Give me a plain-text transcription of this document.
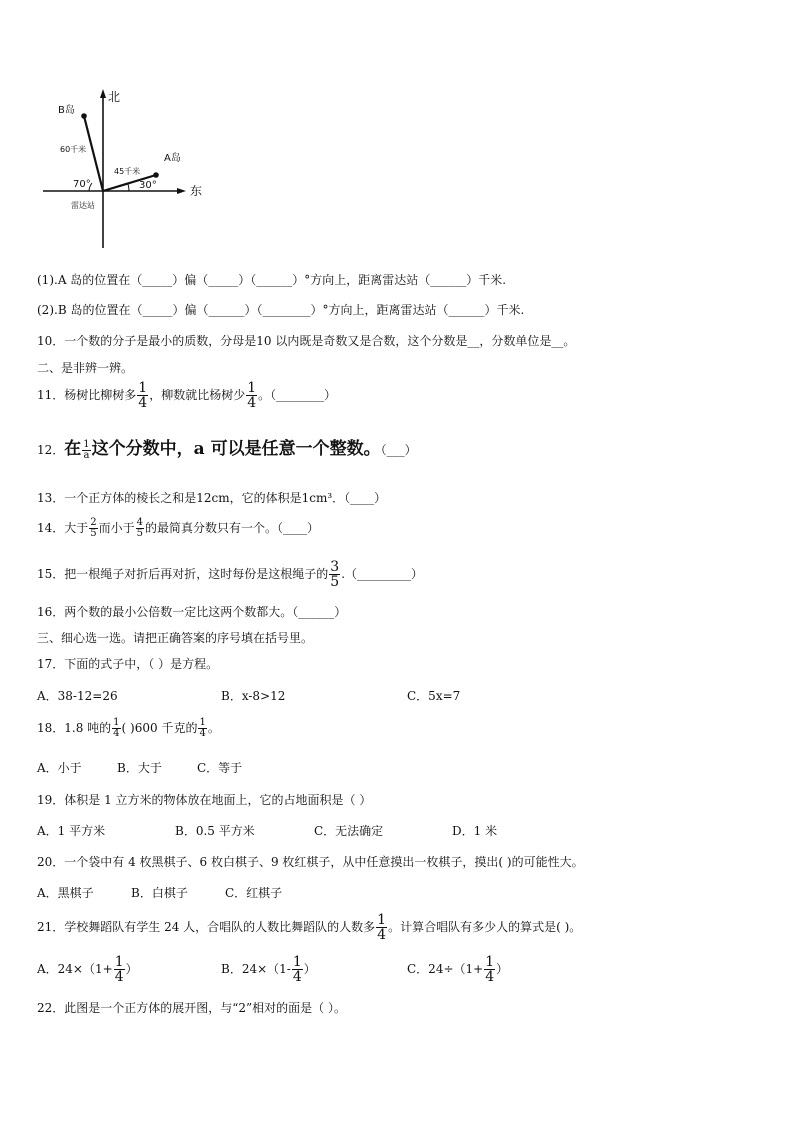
北
东
B岛
A岛
60千米
45千米
70°	30°
雷达站
(1).A 岛的位置在（_____）偏（_____）（______）°方向上，距离雷达站（______）千米.
(2).B 岛的位置在（_____）偏（______）（________）°方向上，距离雷达站（______）千米.
10．一个数的分子是最小的质数，分母是10 以内既是奇数又是合数，这个分数是__，分数单位是__。
二、是非辨一辨。
11．杨树比柳树多 $\frac{1}{4}$ ，柳数就比杨树少 $\frac{1}{4}$ 。（________）
12．在 $\frac{1}{a}$ 这个分数中，a 可以是任意一个整数。（___）
13．一个正方体的棱长之和是12cm，它的体积是1cm³．（____）
14．大于 $\frac{2}{5}$ 而小于 $\frac{4}{5}$ 的最简真分数只有一个。（____）
15．把一根绳子对折后再对折，这时每份是这根绳子的 $\frac{3}{5}$ .（_________）
16．两个数的最小公倍数一定比这两个数都大。（______）
三、细心选一选。请把正确答案的序号填在括号里。
17．下面的式子中，（ ）是方程。
A．38-12=26	B．x-8>12	C．5x=7
18．1.8 吨的 $\frac{1}{4}$ ( )600 千克的 $\frac{1}{4}$ 。
A．小于	B．大于	C．等于
19．体积是 1 立方米的物体放在地面上，它的占地面积是（ ）
A．1 平方米	B．0.5 平方米	C．无法确定	D．1 米
20．一个袋中有 4 枚黑棋子、6 枚白棋子、9 枚红棋子，从中任意摸出一枚棋子，摸出( )的可能性大。
A．黑棋子	B．白棋子	C．红棋子
21．学校舞蹈队有学生 24 人，合唱队的人数比舞蹈队的人数多 $\frac{1}{4}$ 。计算合唱队有多少人的算式是( )。
A．$24\times(1+ \frac{1}{4}$ ）	B．$24\times(1- \frac{1}{4}$ ）	C．$24\div(1+ \frac{1}{4}$ ）
22．此图是一个正方体的展开图，与“2”相对的面是（ ）。
